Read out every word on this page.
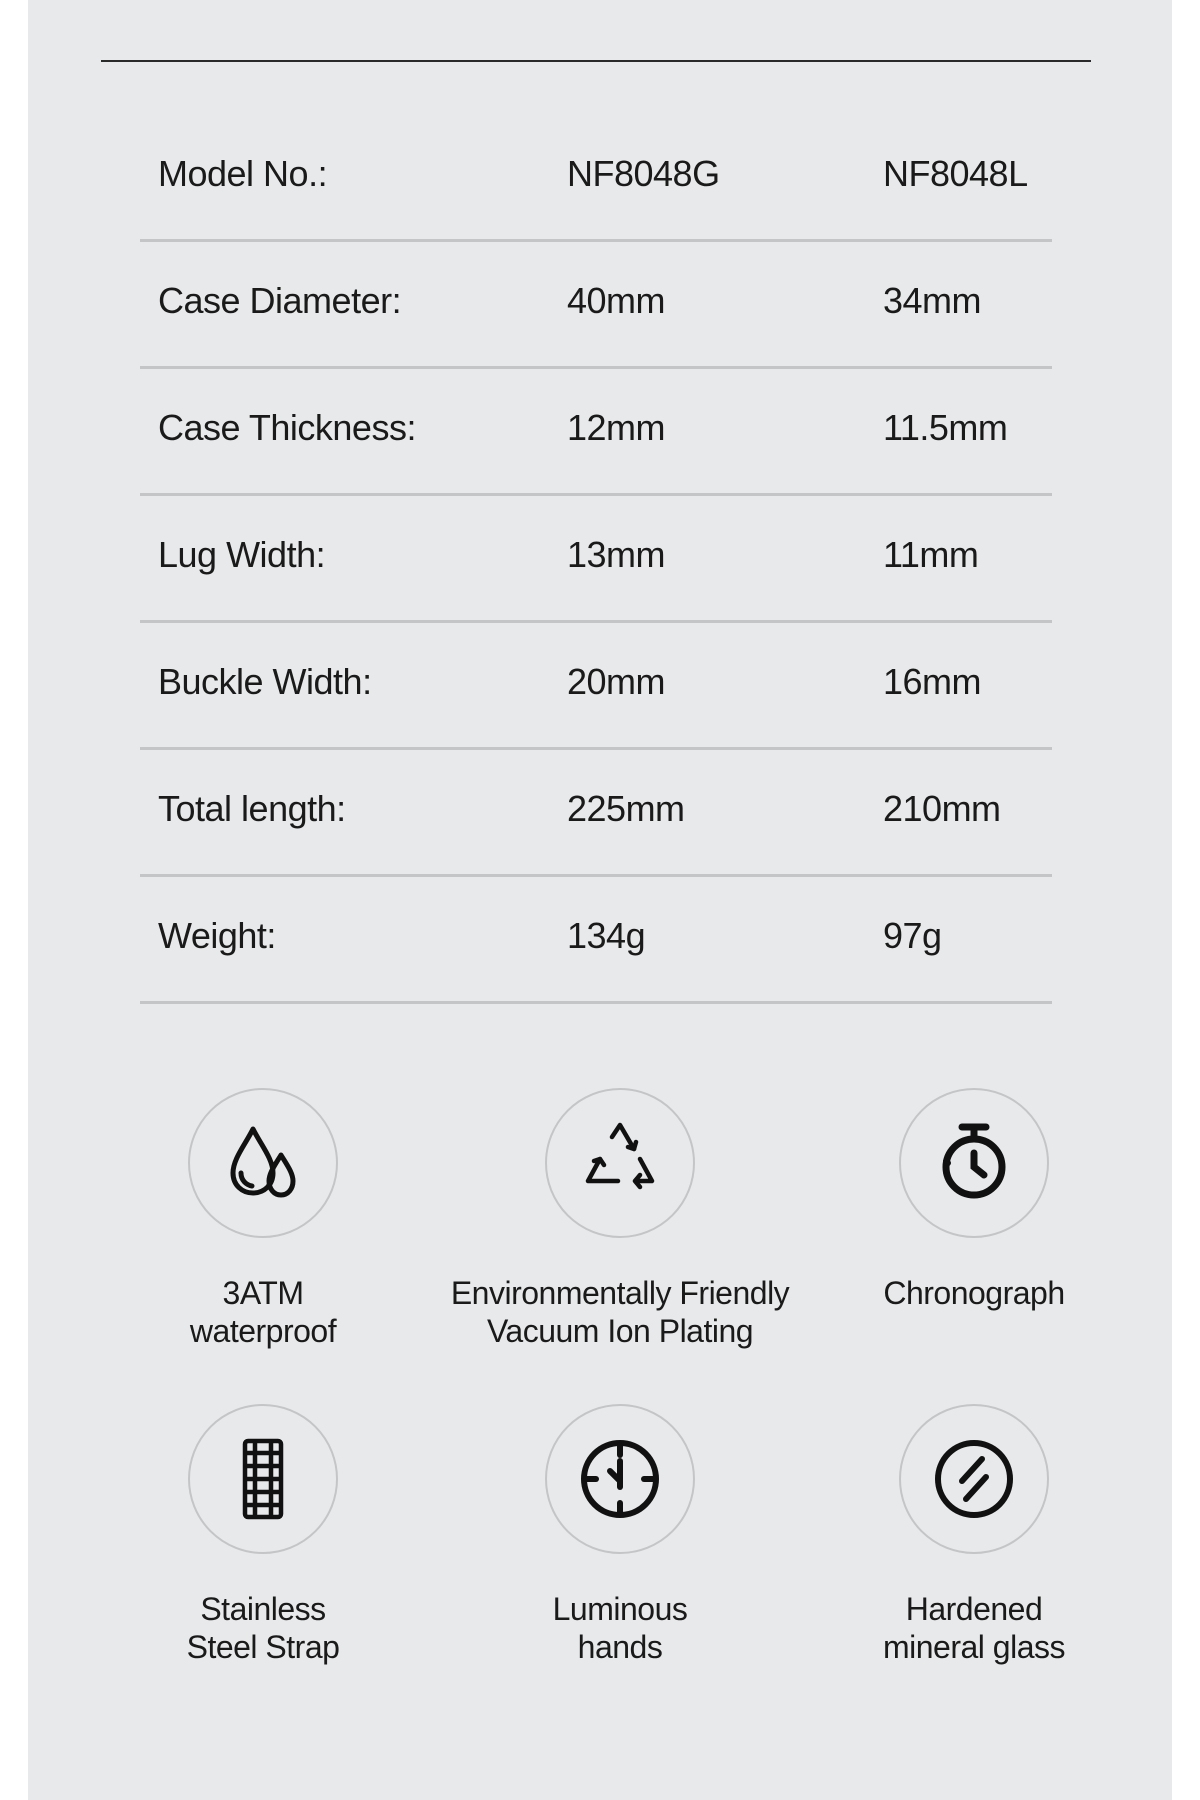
Model No.:	NF8048G	NF8048L
Case Diameter:	40mm	34mm
Case Thickness:	12mm	11.5mm
Lug Width:	13mm	11mm
Buckle Width:	20mm	16mm
Total length:	225mm	210mm
Weight:	134g	97g
3ATM
waterproof
Environmentally Friendly
Vacuum Ion Plating
Chronograph
Stainless
Steel Strap
Luminous
hands
Hardened
mineral glass
